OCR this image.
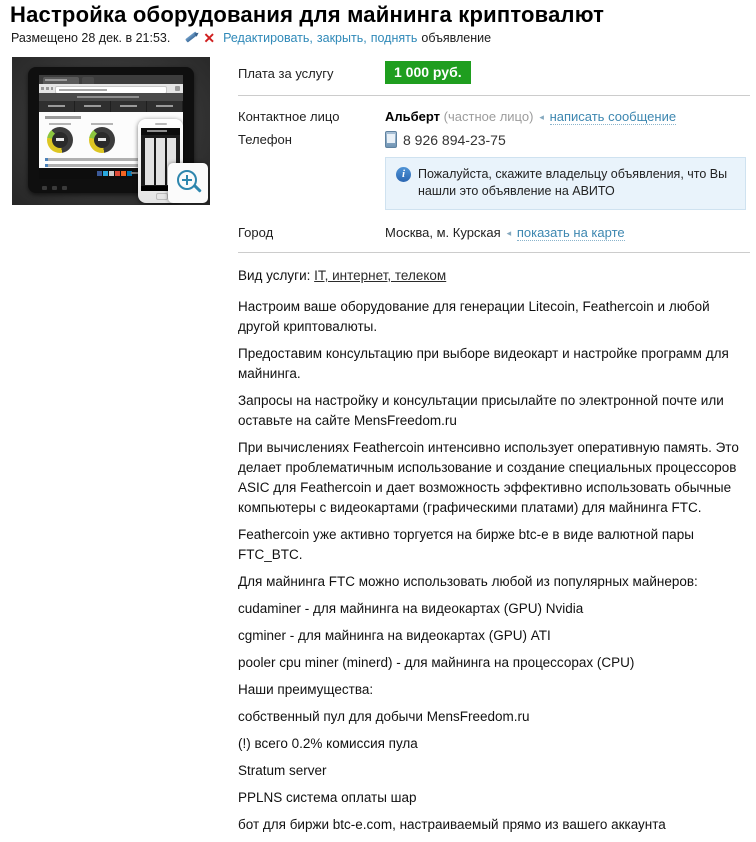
Настройка оборудования для майнинга криптовалют
Размещено 28 дек. в 21:53. ✕ Редактировать, закрыть, поднять объявление
Плата за услугу	1 000 руб.
Контактное лицо	Альберт (частное лицо) ◂ написать сообщение
Телефон	8 926 894-23-75
i	Пожалуйста, скажите владельцу объявления, что Вы нашли это объявление на АВИТО
Город	Москва, м. Курская ◂ показать на карте
Вид услуги: IT, интернет, телеком

Настроим ваше оборудование для генерации Litecoin, Feathercoin и любой другой криптовалюты.

Предоставим консультацию при выборе видеокарт и настройке программ для майнинга.

Запросы на настройку и консультации присылайте по электронной почте или оставьте на сайте MensFreedom.ru

При вычислениях Feathercoin интенсивно использует оперативную память. Это делает проблематичным использование и создание специальных процессоров ASIC для Feathercoin и дает возможность эффективно использовать обычные компьютеры с видеокартами (графическими платами) для майнинга FTC.

Feathercoin уже активно торгуется на бирже btc-e в виде валютной пары FTC_BTC.

Для майнинга FTC можно использовать любой из популярных майнеров:

cudaminer - для майнинга на видеокартах (GPU) Nvidia

cgminer - для майнинга на видеокартах (GPU) ATI

pooler cpu miner (minerd) - для майнинга на процессорах (CPU)

Наши преимущества:

собственный пул для добычи MensFreedom.ru

(!) всего 0.2% комиссия пула

Stratum server

PPLNS система оплаты шар

бот для биржи btc-e.com, настраиваемый прямо из вашего аккаунта
